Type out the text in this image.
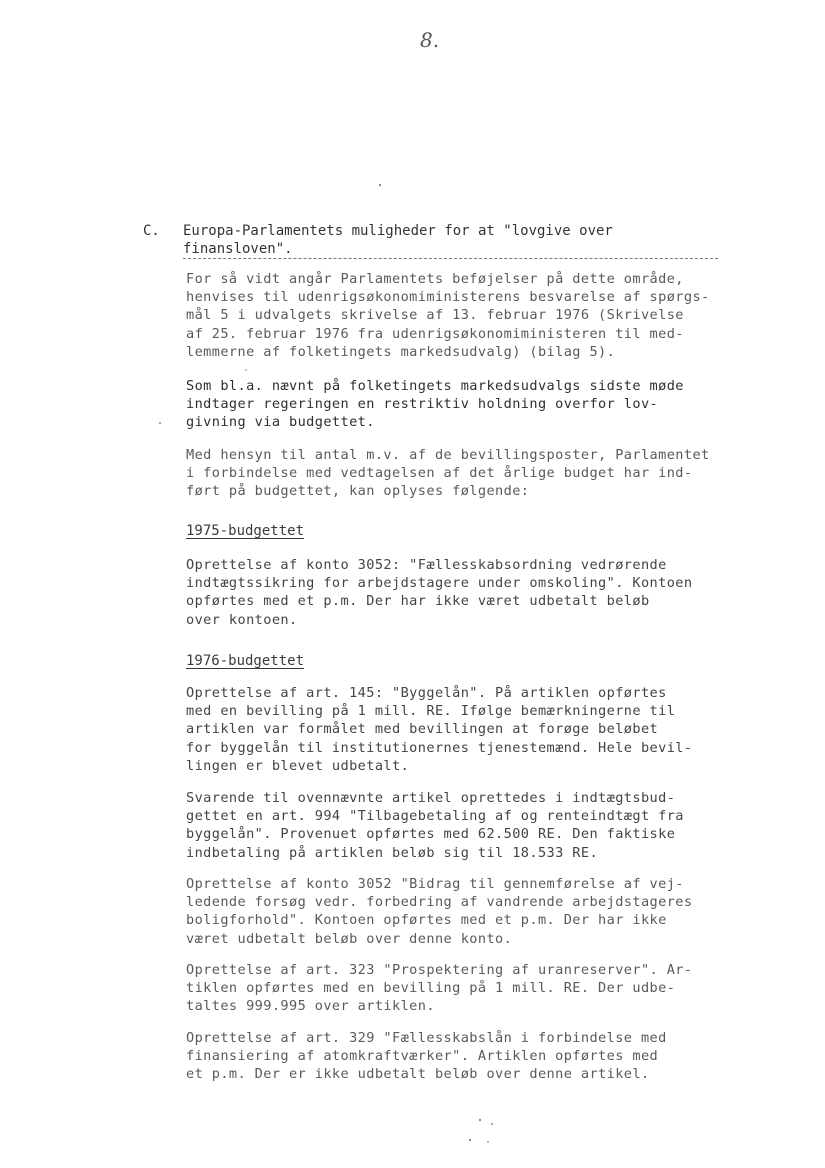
8.
C. Europa-Parlamentets muligheder for at "lovgive over
finansloven".
For så vidt angår Parlamentets beføjelser på dette område,
henvises til udenrigsøkonomiministerens besvarelse af spørgs-
mål 5 i udvalgets skrivelse af 13. februar 1976 (Skrivelse
af 25. februar 1976 fra udenrigsøkonomiministeren til med-
lemmerne af folketingets markedsudvalg) (bilag 5).
Som bl.a. nævnt på folketingets markedsudvalgs sidste møde
indtager regeringen en restriktiv holdning overfor lov-
givning via budgettet.
Med hensyn til antal m.v. af de bevillingsposter, Parlamentet
i forbindelse med vedtagelsen af det årlige budget har ind-
ført på budgettet, kan oplyses følgende:
1975-budgettet
Oprettelse af konto 3052: "Fællesskabsordning vedrørende
indtægtssikring for arbejdstagere under omskoling". Kontoen
opførtes med et p.m. Der har ikke været udbetalt beløb
over kontoen.
1976-budgettet
Oprettelse af art. 145: "Byggelån". På artiklen opførtes
med en bevilling på 1 mill. RE. Ifølge bemærkningerne til
artiklen var formålet med bevillingen at forøge beløbet
for byggelån til institutionernes tjenestemænd. Hele bevil-
lingen er blevet udbetalt.
Svarende til ovennævnte artikel oprettedes i indtægtsbud-
gettet en art. 994 "Tilbagebetaling af og renteindtægt fra
byggelån". Provenuet opførtes med 62.500 RE. Den faktiske
indbetaling på artiklen beløb sig til 18.533 RE.
Oprettelse af konto 3052 "Bidrag til gennemførelse af vej-
ledende forsøg vedr. forbedring af vandrende arbejdstageres
boligforhold". Kontoen opførtes med et p.m. Der har ikke
været udbetalt beløb over denne konto.
Oprettelse af art. 323 "Prospektering af uranreserver". Ar-
tiklen opførtes med en bevilling på 1 mill. RE. Der udbe-
taltes 999.995 over artiklen.
Oprettelse af art. 329 "Fællesskabslån i forbindelse med
finansiering af atomkraftværker". Artiklen opførtes med
et p.m. Der er ikke udbetalt beløb over denne artikel.
